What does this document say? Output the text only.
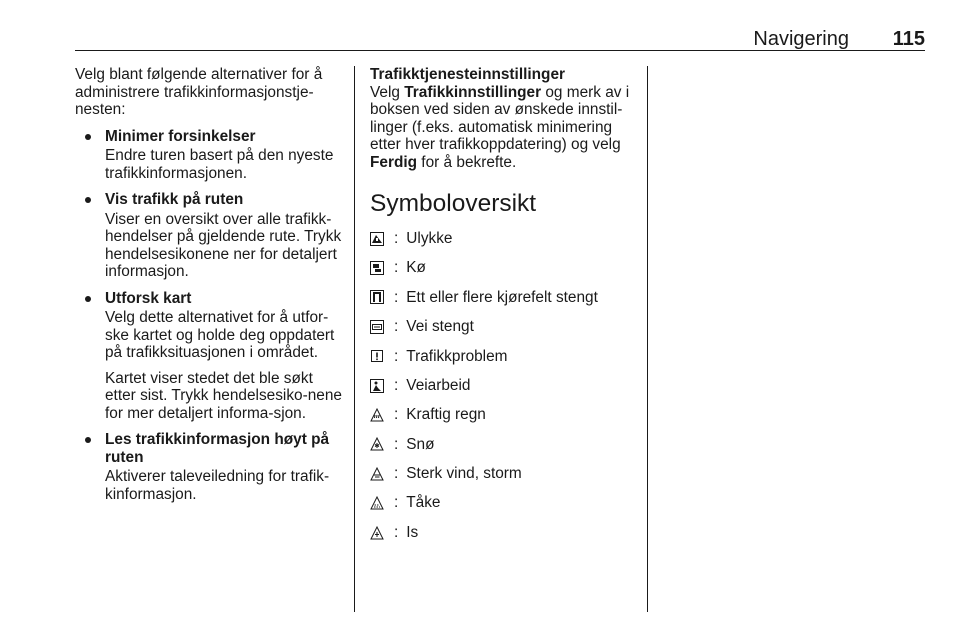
Navigering 115

Velg blant følgende alternativer for å administrere trafikkinformasjonstje-nesten:

Minimer forsinkelser
Endre turen basert på den nyeste trafikkinformasjonen.
Vis trafikk på ruten
Viser en oversikt over alle trafikk-hendelser på gjeldende rute. Trykk hendelsesikonene ner for detaljert informasjon.
Utforsk kart
Velg dette alternativet for å utfor-ske kartet og holde deg oppdatert på trafikksituasjonen i området.
Kartet viser stedet det ble søkt etter sist. Trykk hendelsesiko-nene for mer detaljert informa-sjon.
Les trafikkinformasjon høyt på ruten
Aktiverer taleveiledning for trafik-kinformasjon.

Trafikktjenesteinnstillinger

Velg Trafikkinnstillinger og merk av i boksen ved siden av ønskede innstil-linger (f.eks. automatisk minimering etter hver trafikkoppdatering) og velg Ferdig for å bekrefte.

Symboloversikt
: Ulykke
: Kø
: Ett eller flere kjørefelt stengt
: Vei stengt
: Trafikkproblem
: Veiarbeid
: Kraftig regn
: Snø
: Sterk vind, storm
: Tåke
: Is
